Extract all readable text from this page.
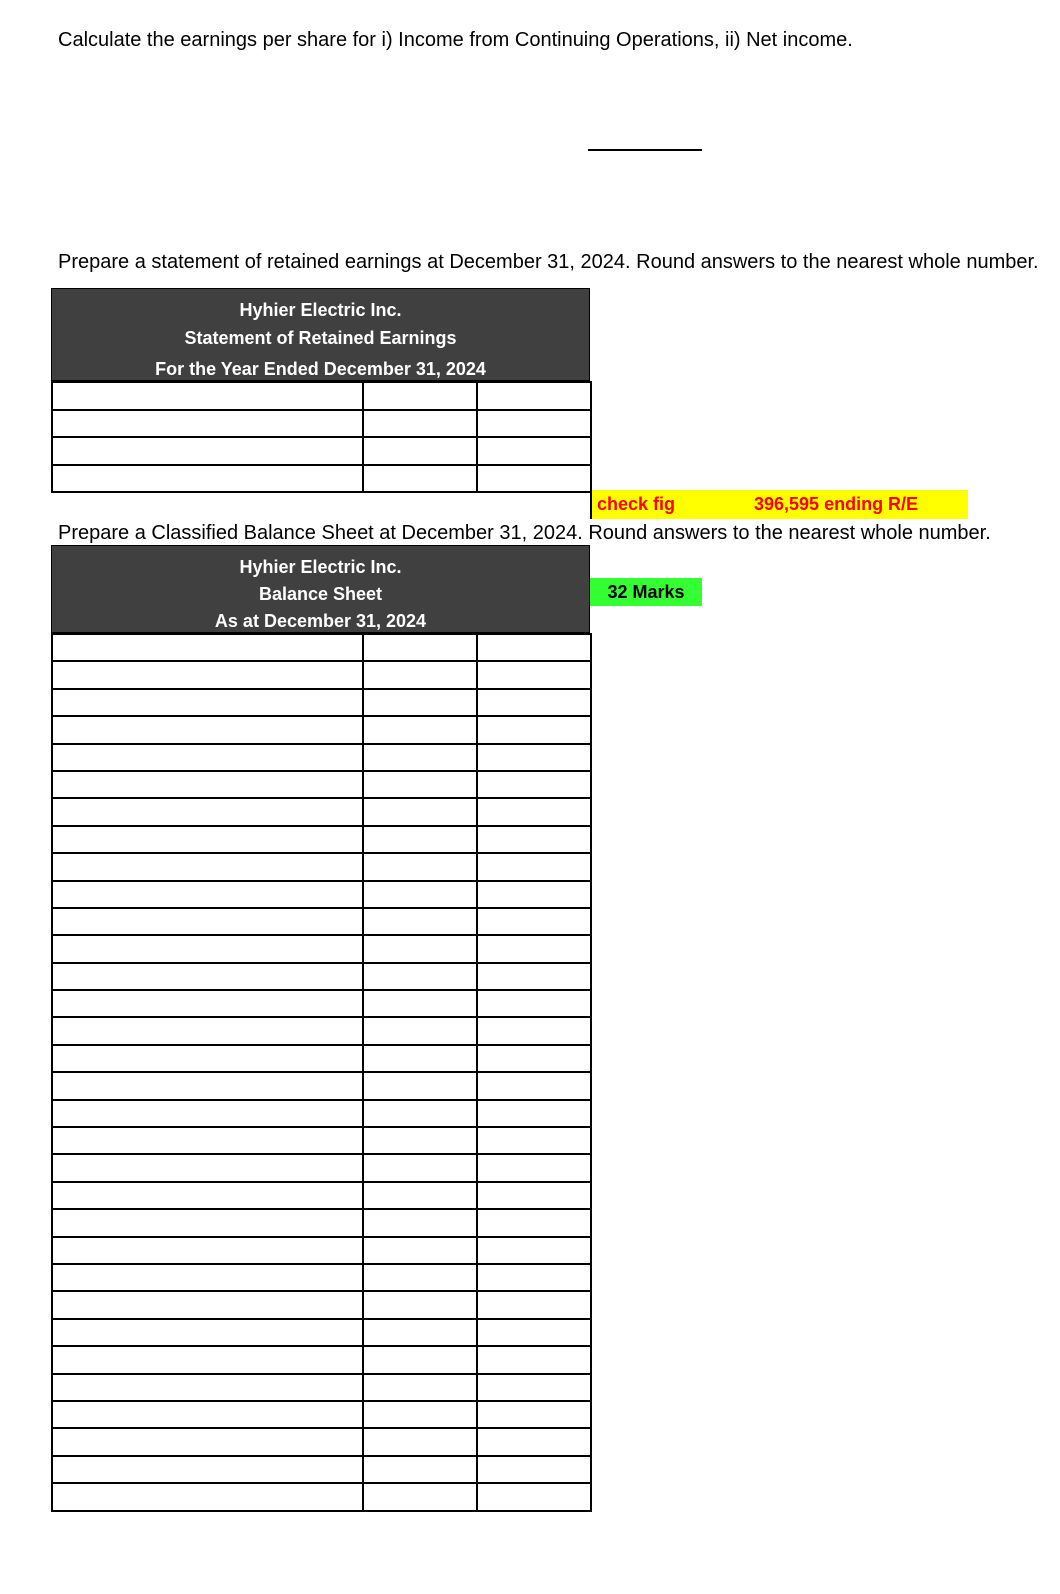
Calculate the earnings per share for i) Income from Continuing Operations, ii) Net income.
Prepare a statement of retained earnings at December 31, 2024. Round answers to the nearest whole number.
Hyhier Electric Inc.
Statement of Retained Earnings
For the Year Ended December 31, 2024

check fig	396,595 ending R/E
Prepare a Classified Balance Sheet at December 31, 2024. Round answers to the nearest whole number.
Hyhier Electric Inc.
Balance Sheet
As at December 31, 2024
32 Marks
